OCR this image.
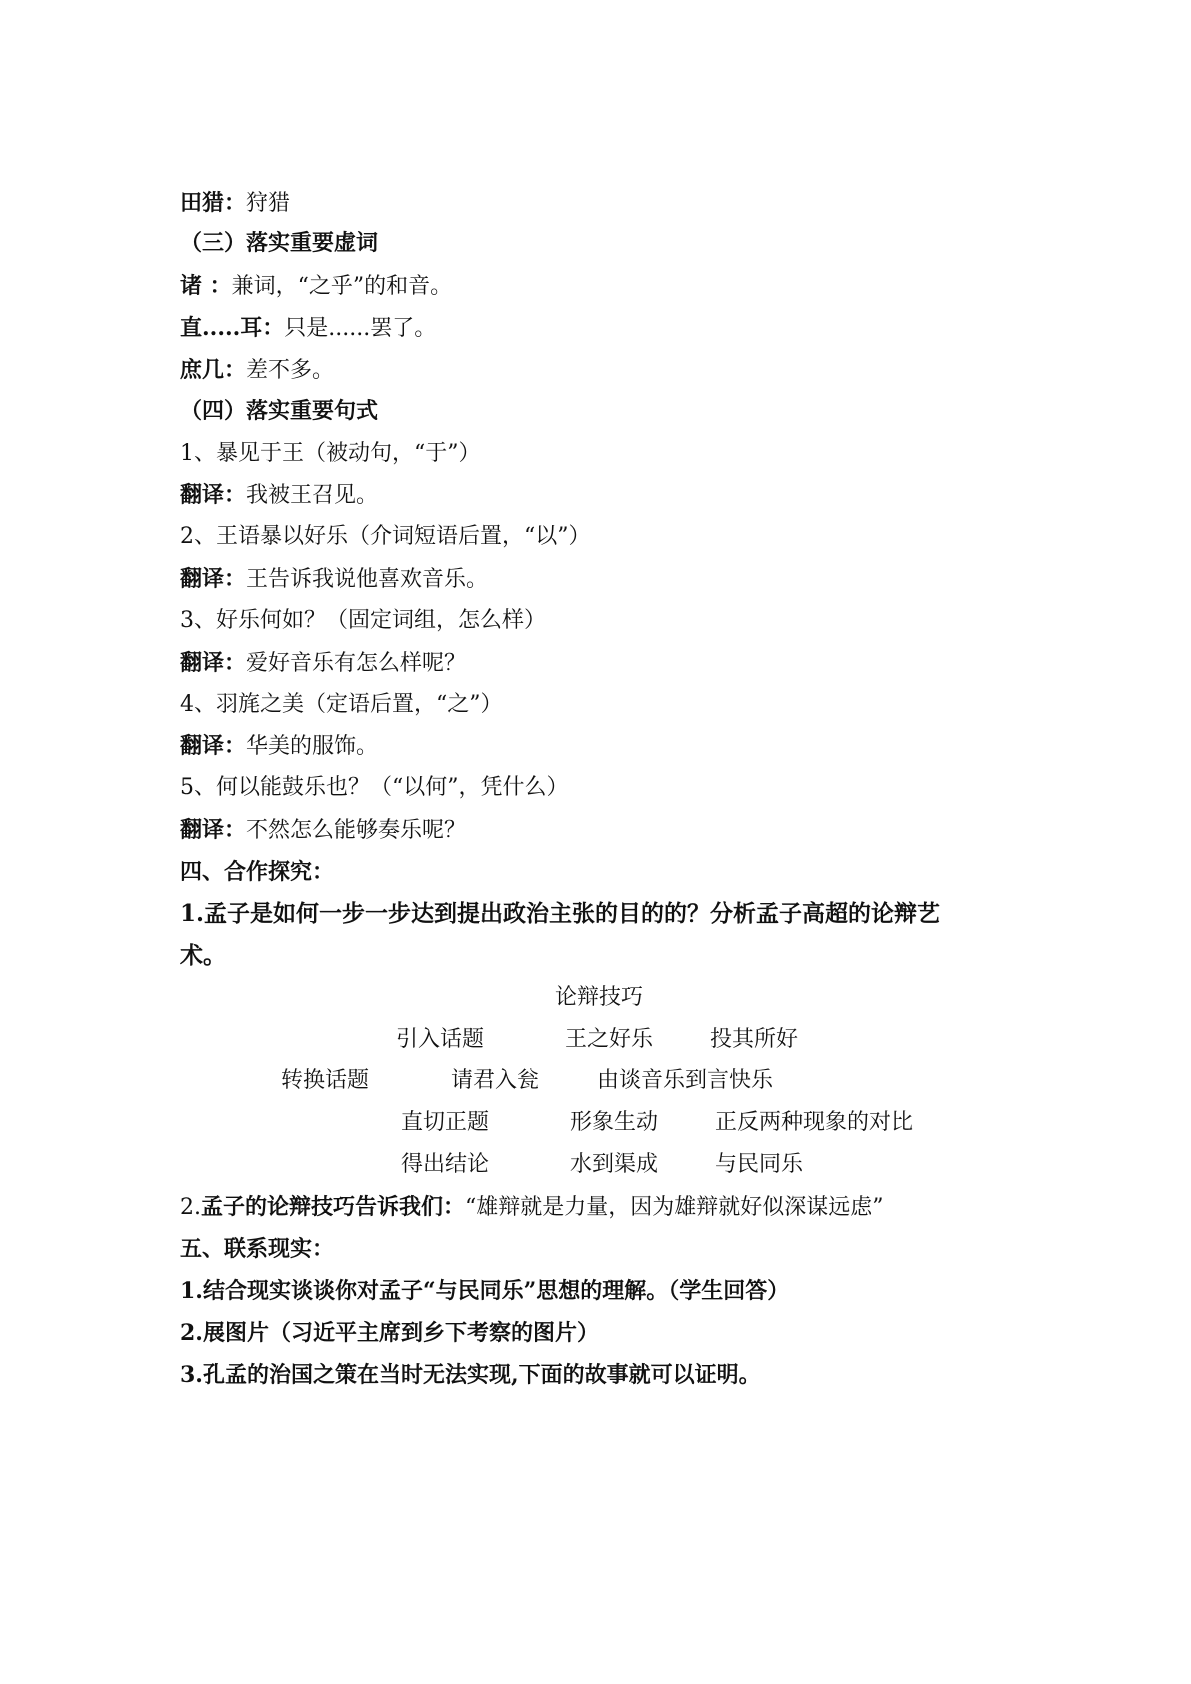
田猎：狩猎
（三）落实重要虚词
诸 ：兼词，“之乎”的和音。
直.....耳：只是......罢了。
庶几：差不多。
（四）落实重要句式
1、暴见于王（被动句，“于”）
翻译：我被王召见。
2、王语暴以好乐（介词短语后置，“以”）
翻译：王告诉我说他喜欢音乐。
3、好乐何如？（固定词组，怎么样）
翻译：爱好音乐有怎么样呢？
4、羽旄之美（定语后置，“之”）
翻译：华美的服饰。
5、何以能鼓乐也？（“以何”，凭什么）
翻译：不然怎么能够奏乐呢？
四、合作探究：
1.孟子是如何一步一步达到提出政治主张的目的的？分析孟子高超的论辩艺
术。
论辩技巧
引入话题	王之好乐	投其所好
转换话题	请君入瓮	由谈音乐到言快乐
直切正题	形象生动	正反两种现象的对比
得出结论	水到渠成	与民同乐
2.孟子的论辩技巧告诉我们：“雄辩就是力量，因为雄辩就好似深谋远虑”
五、联系现实：
1.结合现实谈谈你对孟子“与民同乐”思想的理解。（学生回答）
2.展图片（习近平主席到乡下考察的图片）
3.孔孟的治国之策在当时无法实现,下面的故事就可以证明。
